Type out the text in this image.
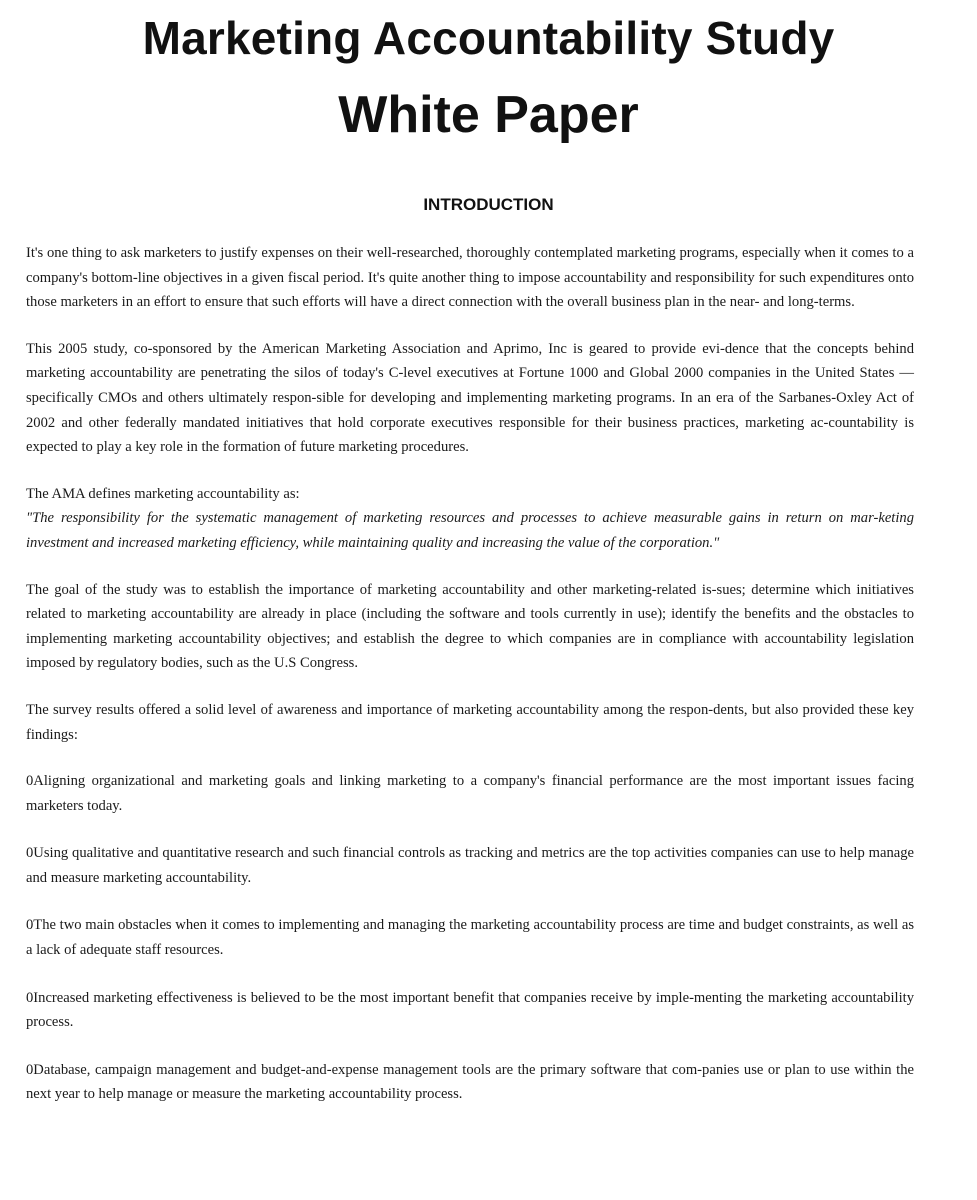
Marketing Accountability Study
White Paper
INTRODUCTION

It's one thing to ask marketers to justify expenses on their well-researched, thoroughly contemplated marketing programs, especially when it comes to a company's bottom-line objectives in a given fiscal period. It's quite another thing to impose accountability and responsibility for such expenditures onto those marketers in an effort to ensure that such efforts will have a direct connection with the overall business plan in the near- and long-terms.

This 2005 study, co-sponsored by the American Marketing Association and Aprimo, Inc is geared to provide evi-dence that the concepts behind marketing accountability are penetrating the silos of today's C-level executives at Fortune 1000 and Global 2000 companies in the United States — specifically CMOs and others ultimately respon-sible for developing and implementing marketing programs. In an era of the Sarbanes-Oxley Act of 2002 and other federally mandated initiatives that hold corporate executives responsible for their business practices, marketing ac-countability is expected to play a key role in the formation of future marketing procedures.

The AMA defines marketing accountability as:

"The responsibility for the systematic management of marketing resources and processes to achieve measurable gains in return on mar-keting investment and increased marketing efficiency, while maintaining quality and increasing the value of the corporation."

The goal of the study was to establish the importance of marketing accountability and other marketing-related is-sues; determine which initiatives related to marketing accountability are already in place (including the software and tools currently in use); identify the benefits and the obstacles to implementing marketing accountability objectives; and establish the degree to which companies are in compliance with accountability legislation imposed by regulatory bodies, such as the U.S Congress.

The survey results offered a solid level of awareness and importance of marketing accountability among the respon-dents, but also provided these key findings:

0Aligning organizational and marketing goals and linking marketing to a company's financial performance are the most important issues facing marketers today.

0Using qualitative and quantitative research and such financial controls as tracking and metrics are the top activities companies can use to help manage and measure marketing accountability.

0The two main obstacles when it comes to implementing and managing the marketing accountability process are time and budget constraints, as well as a lack of adequate staff resources.

0Increased marketing effectiveness is believed to be the most important benefit that companies receive by imple-menting the marketing accountability process.

0Database, campaign management and budget-and-expense management tools are the primary software that com-panies use or plan to use within the next year to help manage or measure the marketing accountability process.
